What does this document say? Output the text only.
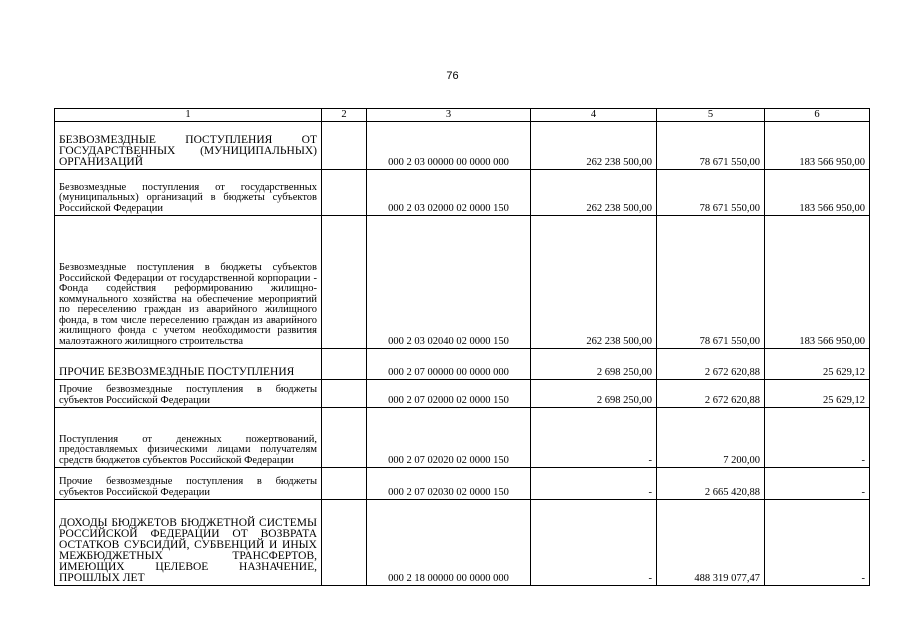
76
1	2	3	4	5	6
БЕЗВОЗМЕЗДНЫЕ ПОСТУПЛЕНИЯ ОТ ГОСУДАРСТВЕННЫХ (МУНИЦИПАЛЬНЫХ) ОРГАНИЗАЦИЙ		000 2 03 00000 00 0000 000	262 238 500,00	78 671 550,00	183 566 950,00
Безвозмездные поступления от государственных (муниципальных) организаций в бюджеты субъектов Российской Федерации		000 2 03 02000 02 0000 150	262 238 500,00	78 671 550,00	183 566 950,00
Безвозмездные поступления в бюджеты субъектов Российской Федерации от государственной корпорации - Фонда содействия реформированию жилищно-коммунального хозяйства на обеспечение мероприятий по переселению граждан из аварийного жилищного фонда, в том числе переселению граждан из аварийного жилищного фонда с учетом необходимости развития малоэтажного жилищного строительства		000 2 03 02040 02 0000 150	262 238 500,00	78 671 550,00	183 566 950,00
ПРОЧИЕ БЕЗВОЗМЕЗДНЫЕ ПОСТУПЛЕНИЯ		000 2 07 00000 00 0000 000	2 698 250,00	2 672 620,88	25 629,12
Прочие безвозмездные поступления в бюджеты субъектов Российской Федерации		000 2 07 02000 02 0000 150	2 698 250,00	2 672 620,88	25 629,12
Поступления от денежных пожертвований, предоставляемых физическими лицами получателям средств бюджетов субъектов Российской Федерации		000 2 07 02020 02 0000 150	-	7 200,00	-
Прочие безвозмездные поступления в бюджеты субъектов Российской Федерации		000 2 07 02030 02 0000 150	-	2 665 420,88	-
ДОХОДЫ БЮДЖЕТОВ БЮДЖЕТНОЙ СИСТЕМЫ РОССИЙСКОЙ ФЕДЕРАЦИИ ОТ ВОЗВРАТА ОСТАТКОВ СУБСИДИЙ, СУБВЕНЦИЙ И ИНЫХ МЕЖБЮДЖЕТНЫХ ТРАНСФЕРТОВ, ИМЕЮЩИХ ЦЕЛЕВОЕ НАЗНАЧЕНИЕ, ПРОШЛЫХ ЛЕТ		000 2 18 00000 00 0000 000	-	488 319 077,47	-
